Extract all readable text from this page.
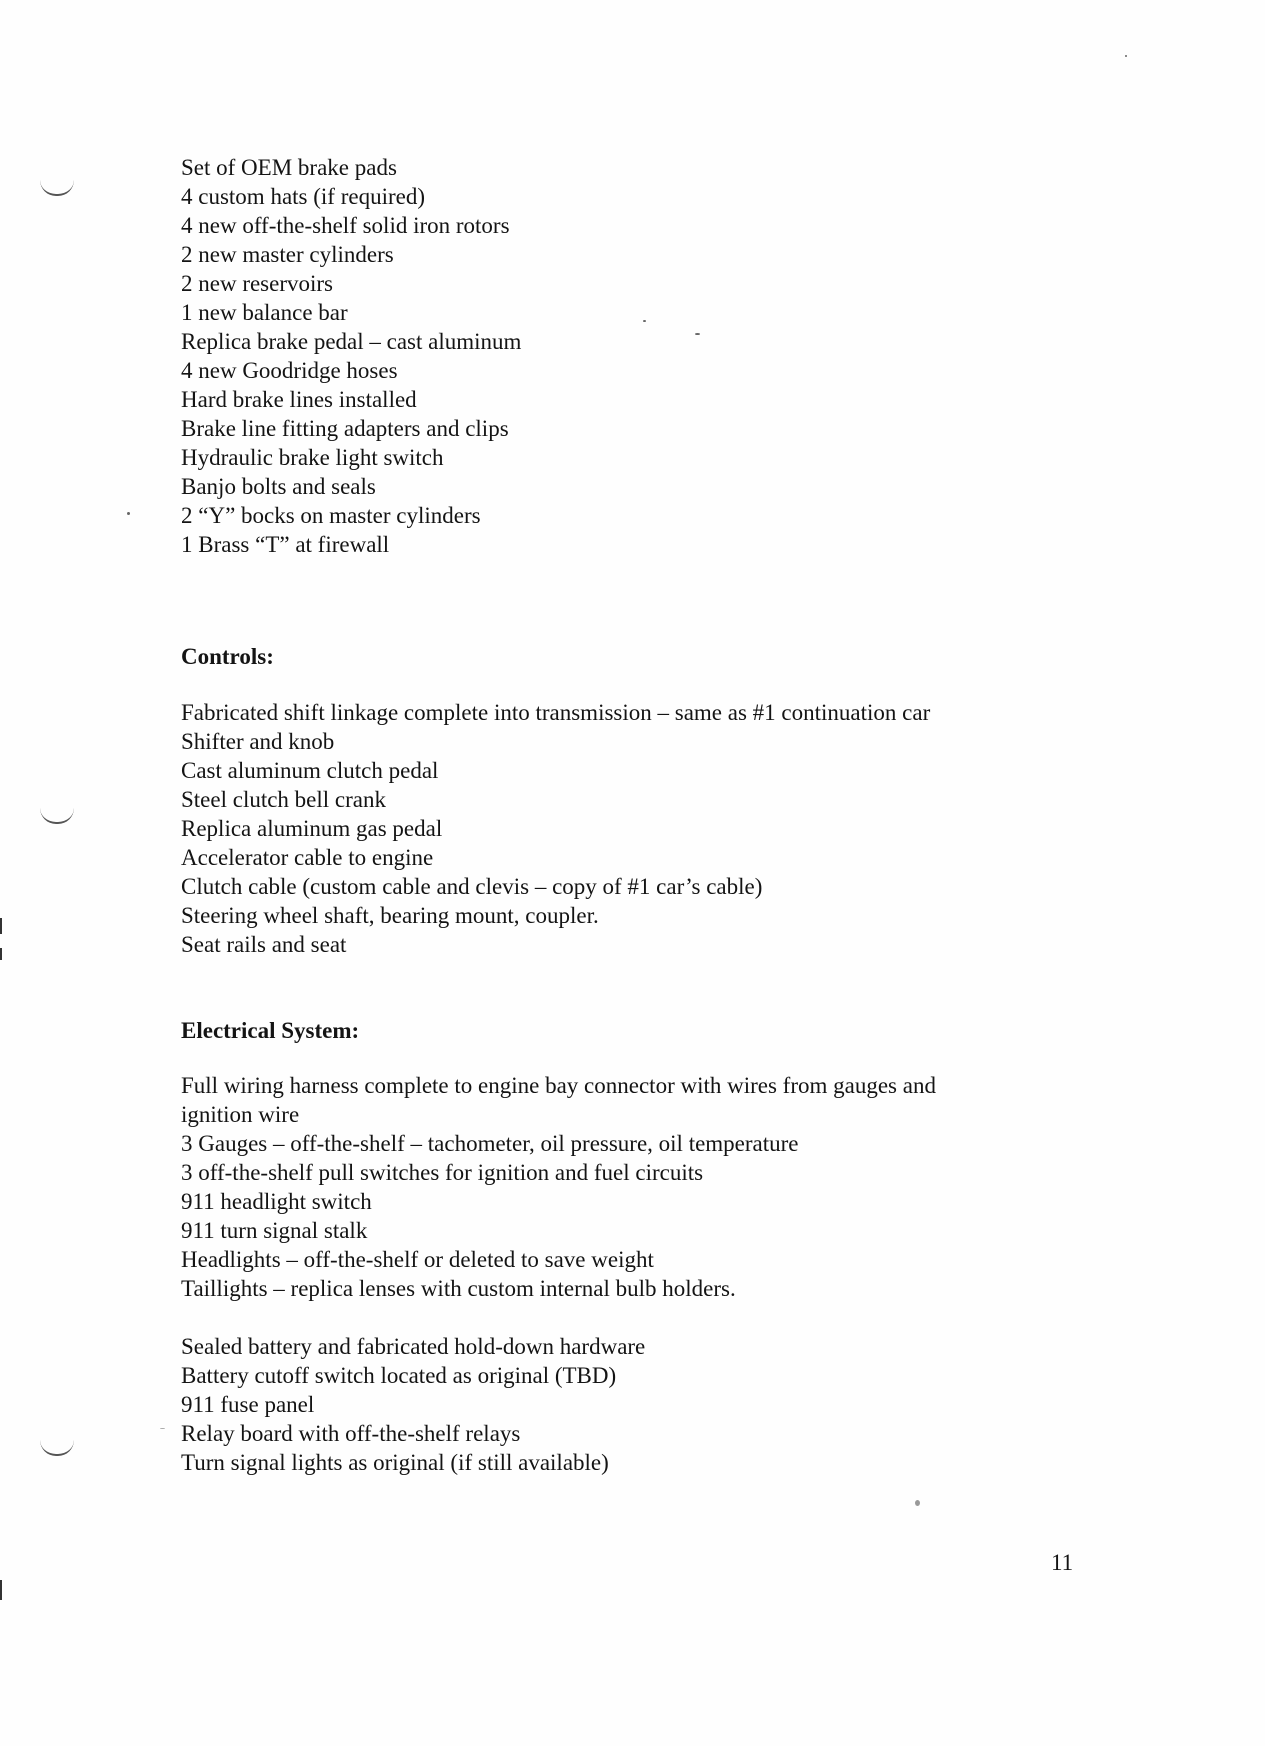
Set of OEM brake pads
4 custom hats (if required)
4 new off-the-shelf solid iron rotors
2 new master cylinders
2 new reservoirs
1 new balance bar
Replica brake pedal – cast aluminum
4 new Goodridge hoses
Hard brake lines installed
Brake line fitting adapters and clips
Hydraulic brake light switch
Banjo bolts and seals
2 “Y” bocks on master cylinders
1 Brass “T” at firewall
Controls:
Fabricated shift linkage complete into transmission – same as #1 continuation car
Shifter and knob
Cast aluminum clutch pedal
Steel clutch bell crank
Replica aluminum gas pedal
Accelerator cable to engine
Clutch cable (custom cable and clevis – copy of #1 car’s cable)
Steering wheel shaft, bearing mount, coupler.
Seat rails and seat
Electrical System:
Full wiring harness complete to engine bay connector with wires from gauges and
ignition wire
3 Gauges – off-the-shelf – tachometer, oil pressure, oil temperature
3 off-the-shelf pull switches for ignition and fuel circuits
911 headlight switch
911 turn signal stalk
Headlights – off-the-shelf or deleted to save weight
Taillights – replica lenses with custom internal bulb holders.
Sealed battery and fabricated hold-down hardware
Battery cutoff switch located as original (TBD)
911 fuse panel
Relay board with off-the-shelf relays
Turn signal lights as original (if still available)
11
